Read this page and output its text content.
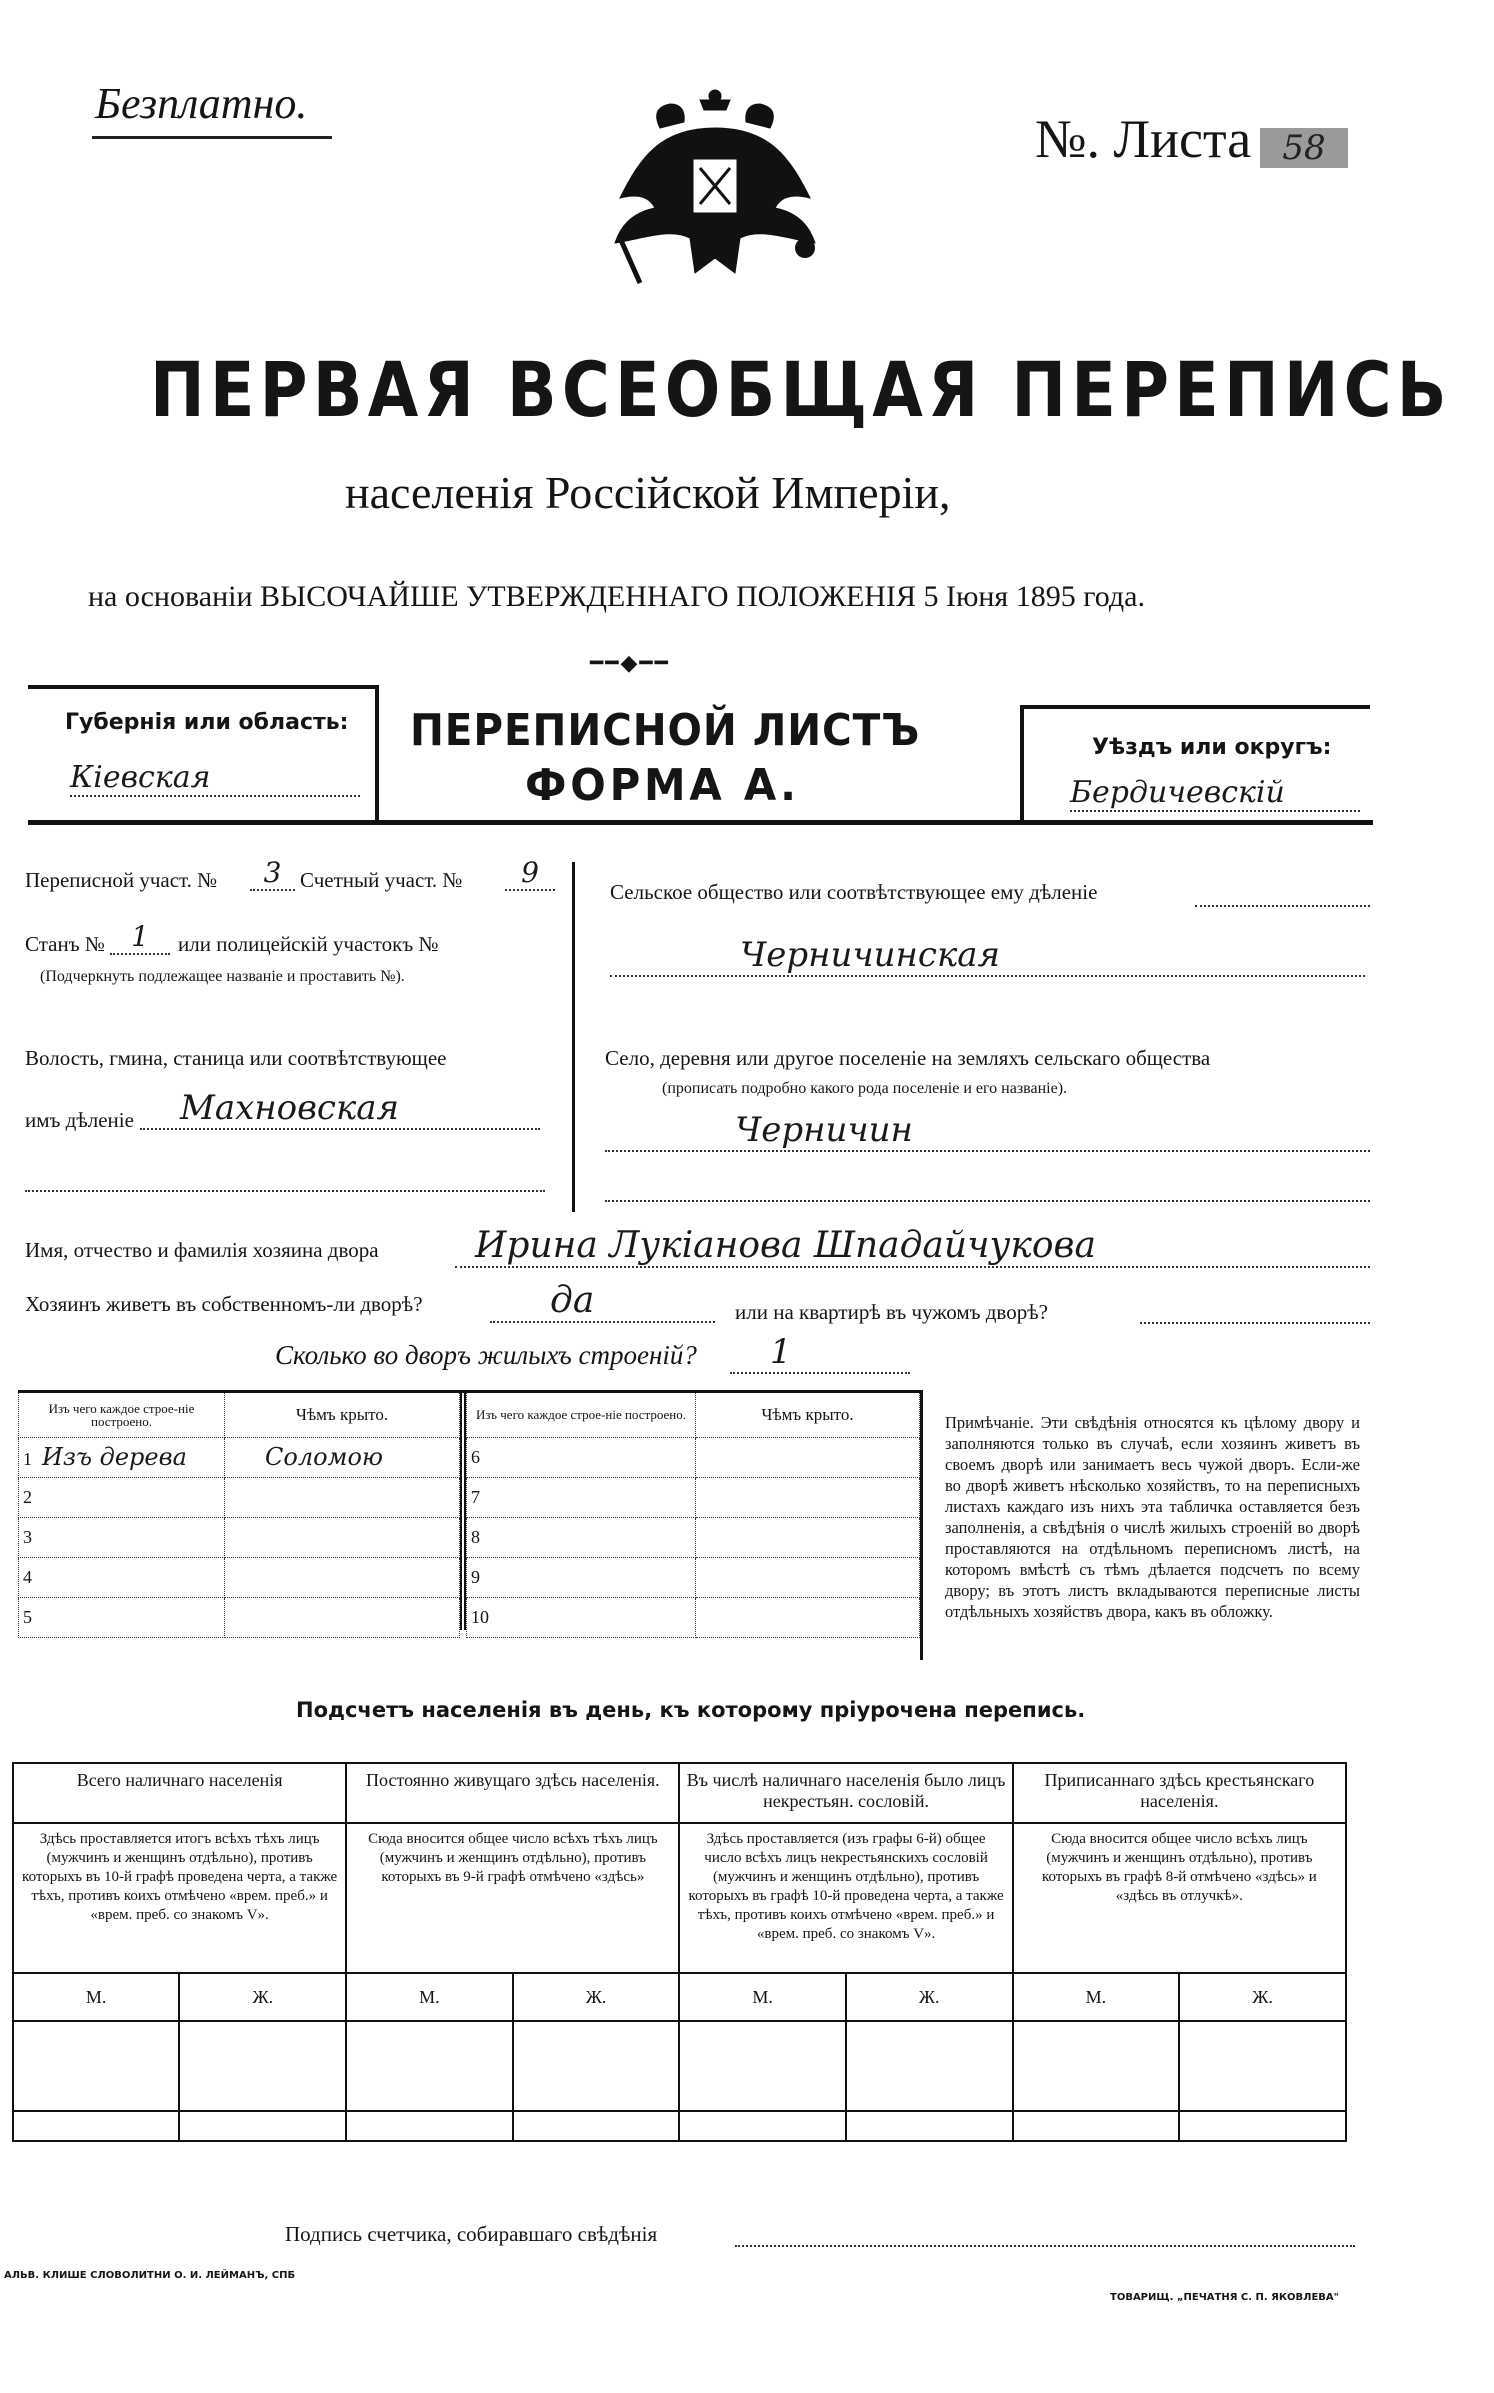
Безплатно.
№. Листа 58
ПЕРВАЯ ВСЕОБЩАЯ ПЕРЕПИСЬ
населенія Россійской Имперіи,
на основаніи ВЫСОЧАЙШЕ УТВЕРЖДЕННАГО ПОЛОЖЕНІЯ 5 Іюня 1895 года.
━━◆━━
Губернія или область:
Кіевская
ПЕРЕПИСНОЙ ЛИСТЪ
ФОРМА А.
Уѣздъ или округъ:
Бердичевскій
Переписной участ. №	3 Счетный участ. №	9
Станъ № 1	или полицейскій участокъ №
(Подчеркнуть подлежащее названіе и проставить №).
Волость, гмина, станица или соотвѣтствующее
имъ дѣленіе	Махновская
Сельское общество или соотвѣтствующее ему дѣленіе
Черничинская
Село, деревня или другое поселеніе на земляхъ сельскаго общества
(прописать подробно какого рода поселеніе и его названіе).
Черничин
Имя, отчество и фамилія хозяина двора	Ирина Лукіанова Шпадайчукова
Хозяинъ живетъ въ собственномъ-ли дворѣ?	да	или на квартирѣ въ чужомъ дворѣ?
Сколько во дворъ жилыхъ строеній?	1
Изъ чего каждое строе-ніе построено.	Чѣмъ крыто.
1 Изъ дерева	Соломою
2	
3	
4	
5	
Изъ чего каждое строе-ніе построено.	Чѣмъ крыто.
6	
7	
8	
9	
10	
Примѣчаніе. Эти свѣдѣнія относятся къ цѣлому двору и заполняются только въ случаѣ, если хозяинъ живетъ въ своемъ дворѣ или занимаетъ весь чужой дворъ. Если-же во дворѣ живетъ нѣсколько хозяйствъ, то на переписныхъ листахъ каждаго изъ нихъ эта табличка оставляется безъ заполненія, а свѣдѣнія о числѣ жилыхъ строеній во дворѣ проставляются на отдѣльномъ переписномъ листѣ, на которомъ вмѣстѣ съ тѣмъ дѣлается подсчетъ по всему двору; въ этотъ листъ вкладываются переписные листы отдѣльныхъ хозяйствъ двора, какъ въ обложку.
Подсчетъ населенія въ день, къ которому пріурочена перепись.
Всего наличнаго населенія		Постоянно живущаго здѣсь населенія.		Въ числѣ наличнаго населенія было лицъ некрестьян. сословій.		Приписаннаго здѣсь крестьянскаго населенія.	
Здѣсь проставляется итогъ всѣхъ тѣхъ лицъ (мужчинъ и женщинъ отдѣльно), противъ которыхъ въ 10-й графѣ проведена черта, а также тѣхъ, противъ коихъ отмѣчено «врем. преб.» и «врем. преб. со знакомъ V».		Сюда вносится общее число всѣхъ тѣхъ лицъ (мужчинъ и женщинъ отдѣльно), противъ которыхъ въ 9-й графѣ отмѣчено «здѣсь»		Здѣсь проставляется (изъ графы 6-й) общее число всѣхъ лицъ некрестьянскихъ сословій (мужчинъ и женщинъ отдѣльно), противъ которыхъ въ графѣ 10-й проведена черта, а также тѣхъ, противъ коихъ отмѣчено «врем. преб.» и «врем. преб. со знакомъ V».		Сюда вносится общее число всѣхъ лицъ (мужчинъ и женщинъ отдѣльно), противъ которыхъ въ графѣ 8-й отмѣчено «здѣсь» и «здѣсь въ отлучкѣ».	
М.	Ж.	М.	Ж.	М.	Ж.	М.	Ж.

Подпись счетчика, собиравшаго свѣдѣнія
АЛЬВ. КЛИШЕ СЛОВОЛИТНИ О. И. ЛЕЙМАНЪ, СПБ
ТОВАРИЩ. „ПЕЧАТНЯ С. П. ЯКОВЛЕВА"
